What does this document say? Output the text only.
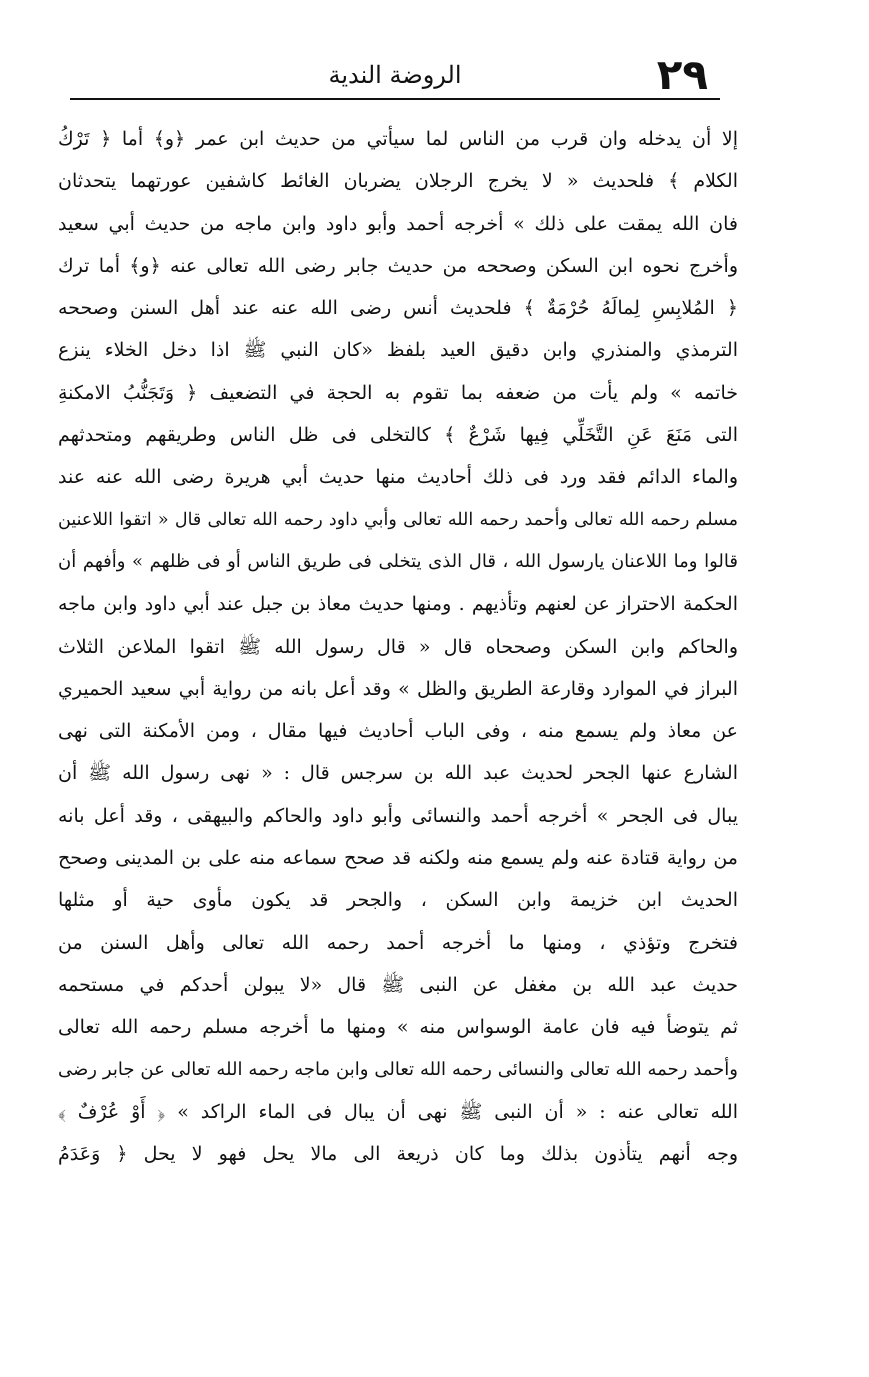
الروضة الندية	٢٩
إلا أن يدخله وان قرب من الناس لما سيأتي من حديث ابن عمر ﴿و﴾ أما ﴿ تَرْكُ
الكلام ﴾ فلحديث « لا يخرج الرجلان يضربان الغائط كاشفين عورتهما يتحدثان
فان الله يمقت على ذلك » أخرجه أحمد وأبو داود وابن ماجه من حديث أبي سعيد
وأخرج نحوه ابن السكن وصححه من حديث جابر رضى الله تعالى عنه ﴿و﴾ أما ترك
﴿ المُلابِسِ لِمالَهُ حُرْمَةٌ ﴾ فلحديث أنس رضى الله عنه عند أهل السنن وصححه
الترمذي والمنذري وابن دقيق العيد بلفظ «كان النبي ﷺ اذا دخل الخلاء ينزع
خاتمه » ولم يأت من ضعفه بما تقوم به الحجة في التضعيف ﴿ وَتَجَنُّبُ الامكنةِ
التى مَنَعَ عَنِ التَّخَلِّي فِيها شَرْعٌ ﴾ كالتخلى فى ظل الناس وطريقهم ومتحدثهم
والماء الدائم فقد ورد فى ذلك أحاديث منها حديث أبي هريرة رضى الله عنه عند
مسلم رحمه الله تعالى وأحمد رحمه الله تعالى وأبي داود رحمه الله تعالى قال « اتقوا اللاعنين
قالوا وما اللاعنان يارسول الله ، قال الذى يتخلى فى طريق الناس أو فى ظلهم » وأفهم أن
الحكمة الاحتراز عن لعنهم وتأذيهم . ومنها حديث معاذ بن جبل عند أبي داود وابن ماجه
والحاكم وابن السكن وصححاه قال « قال رسول الله ﷺ اتقوا الملاعن الثلاث
البراز في الموارد وقارعة الطريق والظل » وقد أعل بانه من رواية أبي سعيد الحميري
عن معاذ ولم يسمع منه ، وفى الباب أحاديث فيها مقال ، ومن الأمكنة التى نهى
الشارع عنها الجحر لحديث عبد الله بن سرجس قال : « نهى رسول الله ﷺ أن
يبال فى الجحر » أخرجه أحمد والنسائى وأبو داود والحاكم والبيهقى ، وقد أعل بانه
من رواية قتادة عنه ولم يسمع منه ولكنه قد صحح سماعه منه على بن المدينى وصحح
الحديث ابن خزيمة وابن السكن ، والجحر قد يكون مأوى حية أو مثلها
فتخرج وتؤذي ، ومنها ما أخرجه أحمد رحمه الله تعالى وأهل السنن من
حديث عبد الله بن مغفل عن النبى ﷺ قال «لا يبولن أحدكم في مستحمه
ثم يتوضأ فيه فان عامة الوسواس منه » ومنها ما أخرجه مسلم رحمه الله تعالى
وأحمد رحمه الله تعالى والنسائى رحمه الله تعالى وابن ماجه رحمه الله تعالى عن جابر رضى
الله تعالى عنه : « أن النبى ﷺ نهى أن يبال فى الماء الراكد » ﴿ أَوْ عُرْفٌ ﴾
وجه أنهم يتأذون بذلك وما كان ذريعة الى مالا يحل فهو لا يحل ﴿ وَعَدَمُ
